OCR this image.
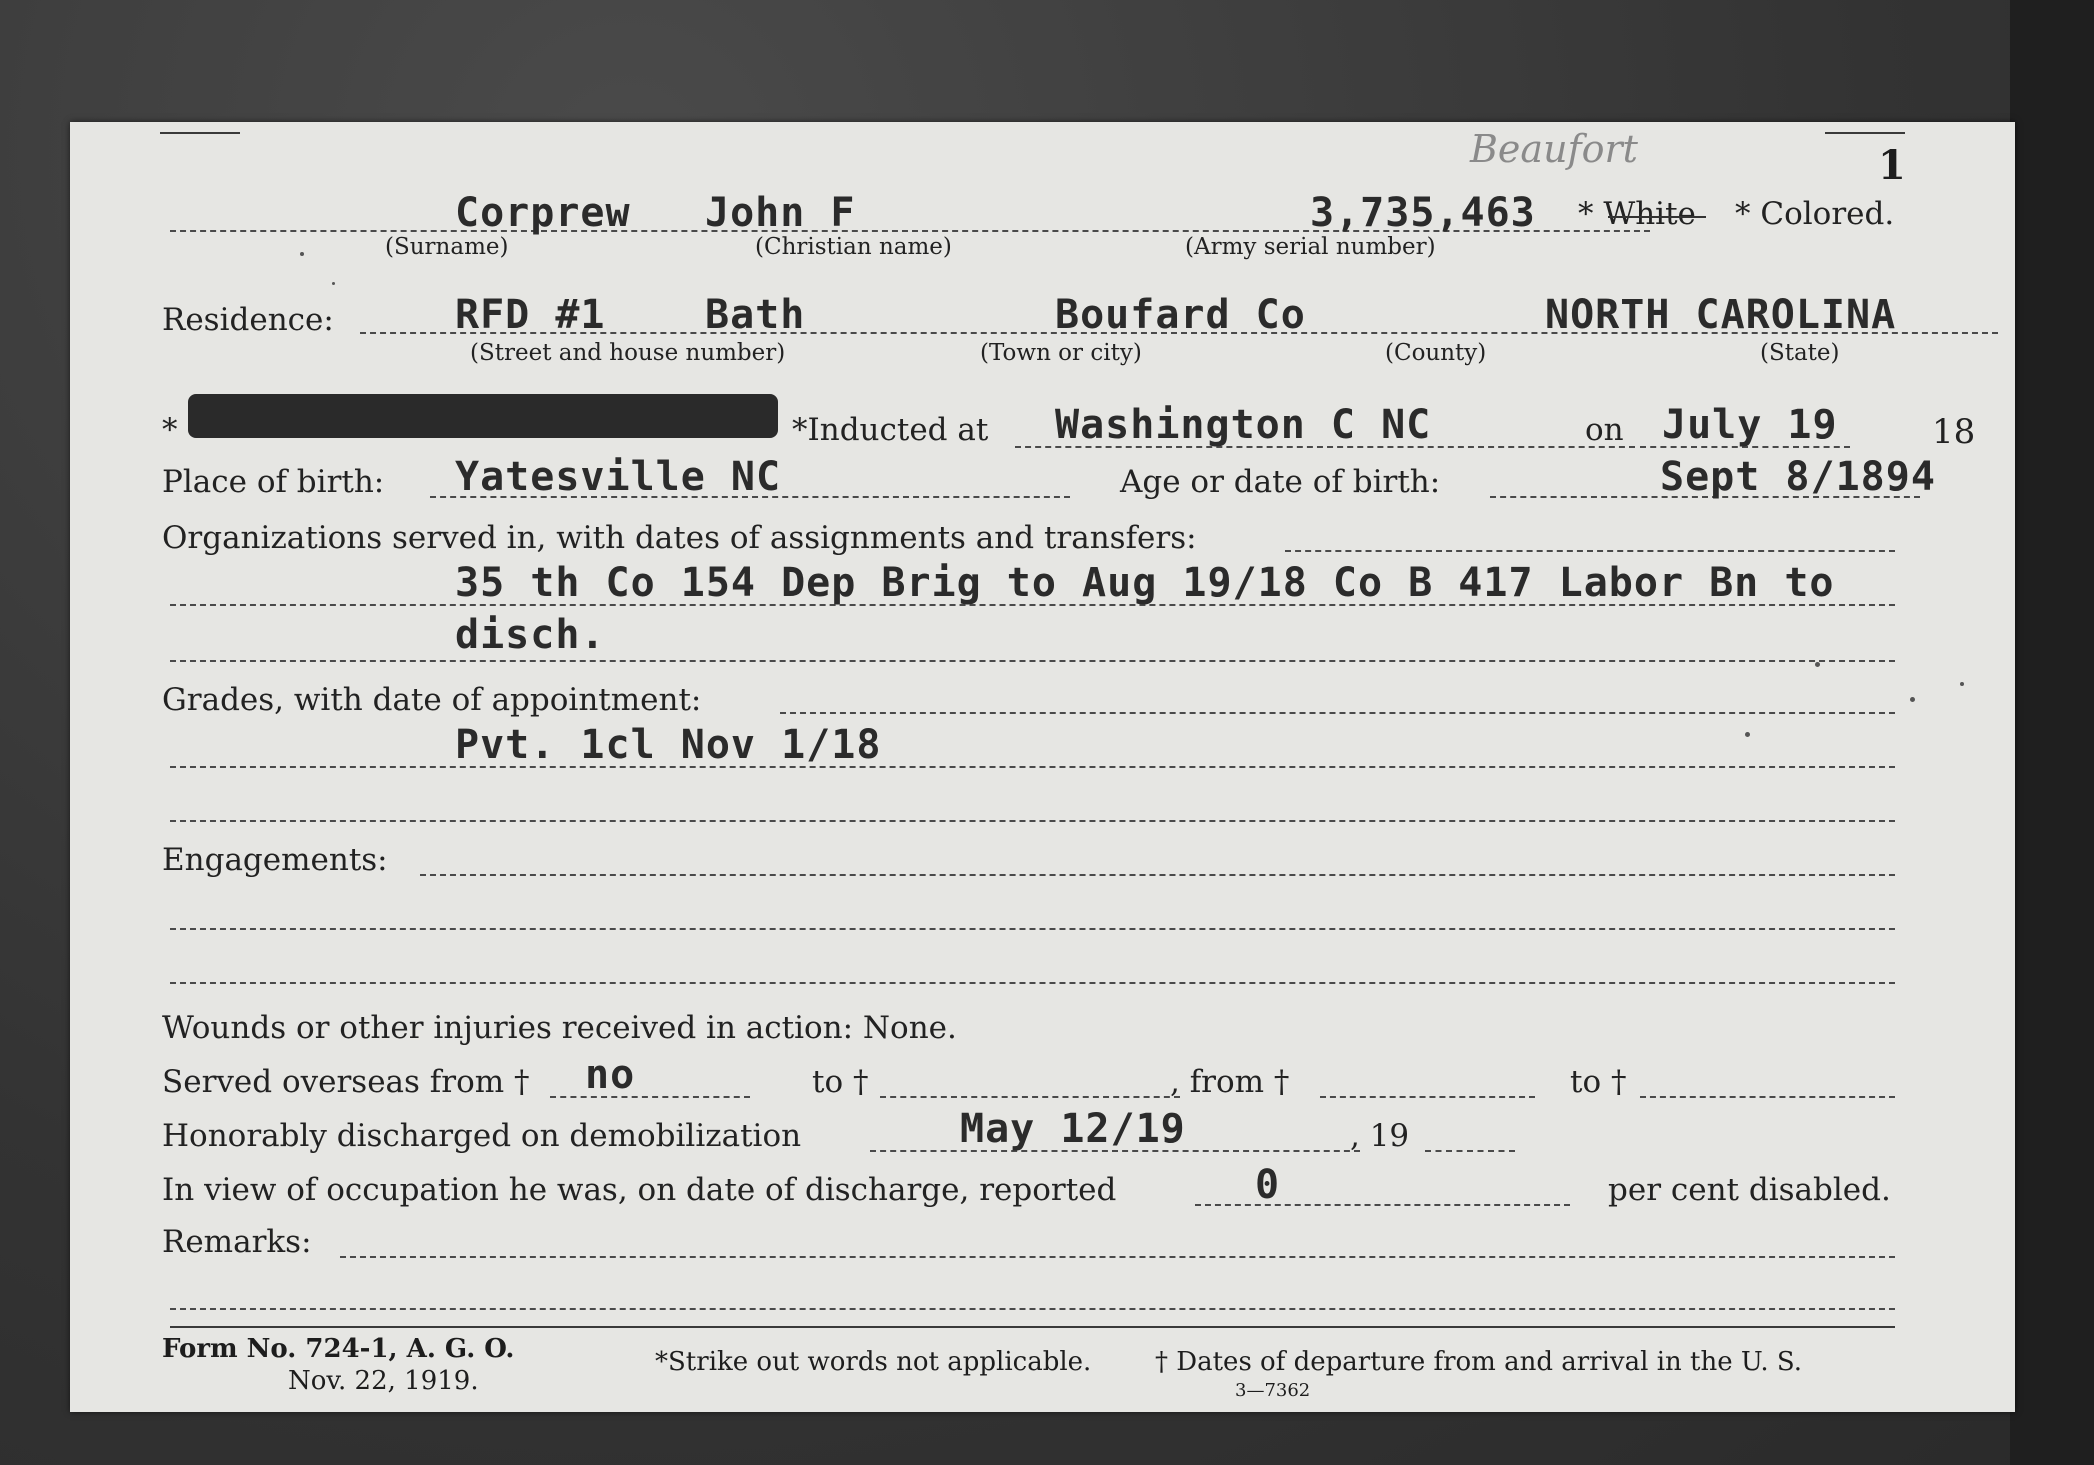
1
Beaufort
Corprew John F	3,735,463 * White * Colored.
(Surname)	(Christian name)	(Army serial number)
Residence:	RFD #1 Bath	Boufard Co	NORTH CAROLINA
(Street and house number)	(Town or city)	(County)	(State)
*	*Inducted at Washington C NC	on July 19	18
Place of birth: Yatesville NC	Age or date of birth:	Sept 8/1894
Organizations served in, with dates of assignments and transfers:
35 th Co 154 Dep Brig to Aug 19/18 Co B 417 Labor Bn to
disch.
Grades, with date of appointment:
Pvt. 1cl Nov 1/18
Engagements:
Wounds or other injuries received in action: None.
Served overseas from † no	to †	, from †	to †
Honorably discharged on demobilization	May 12/19	, 19
In view of occupation he was, on date of discharge, reported	0	per cent disabled.
Remarks:
Form No. 724-1, A. G. O.
Nov. 22, 1919.
*Strike out words not applicable. † Dates of departure from and arrival in the U. S.
3—7362
